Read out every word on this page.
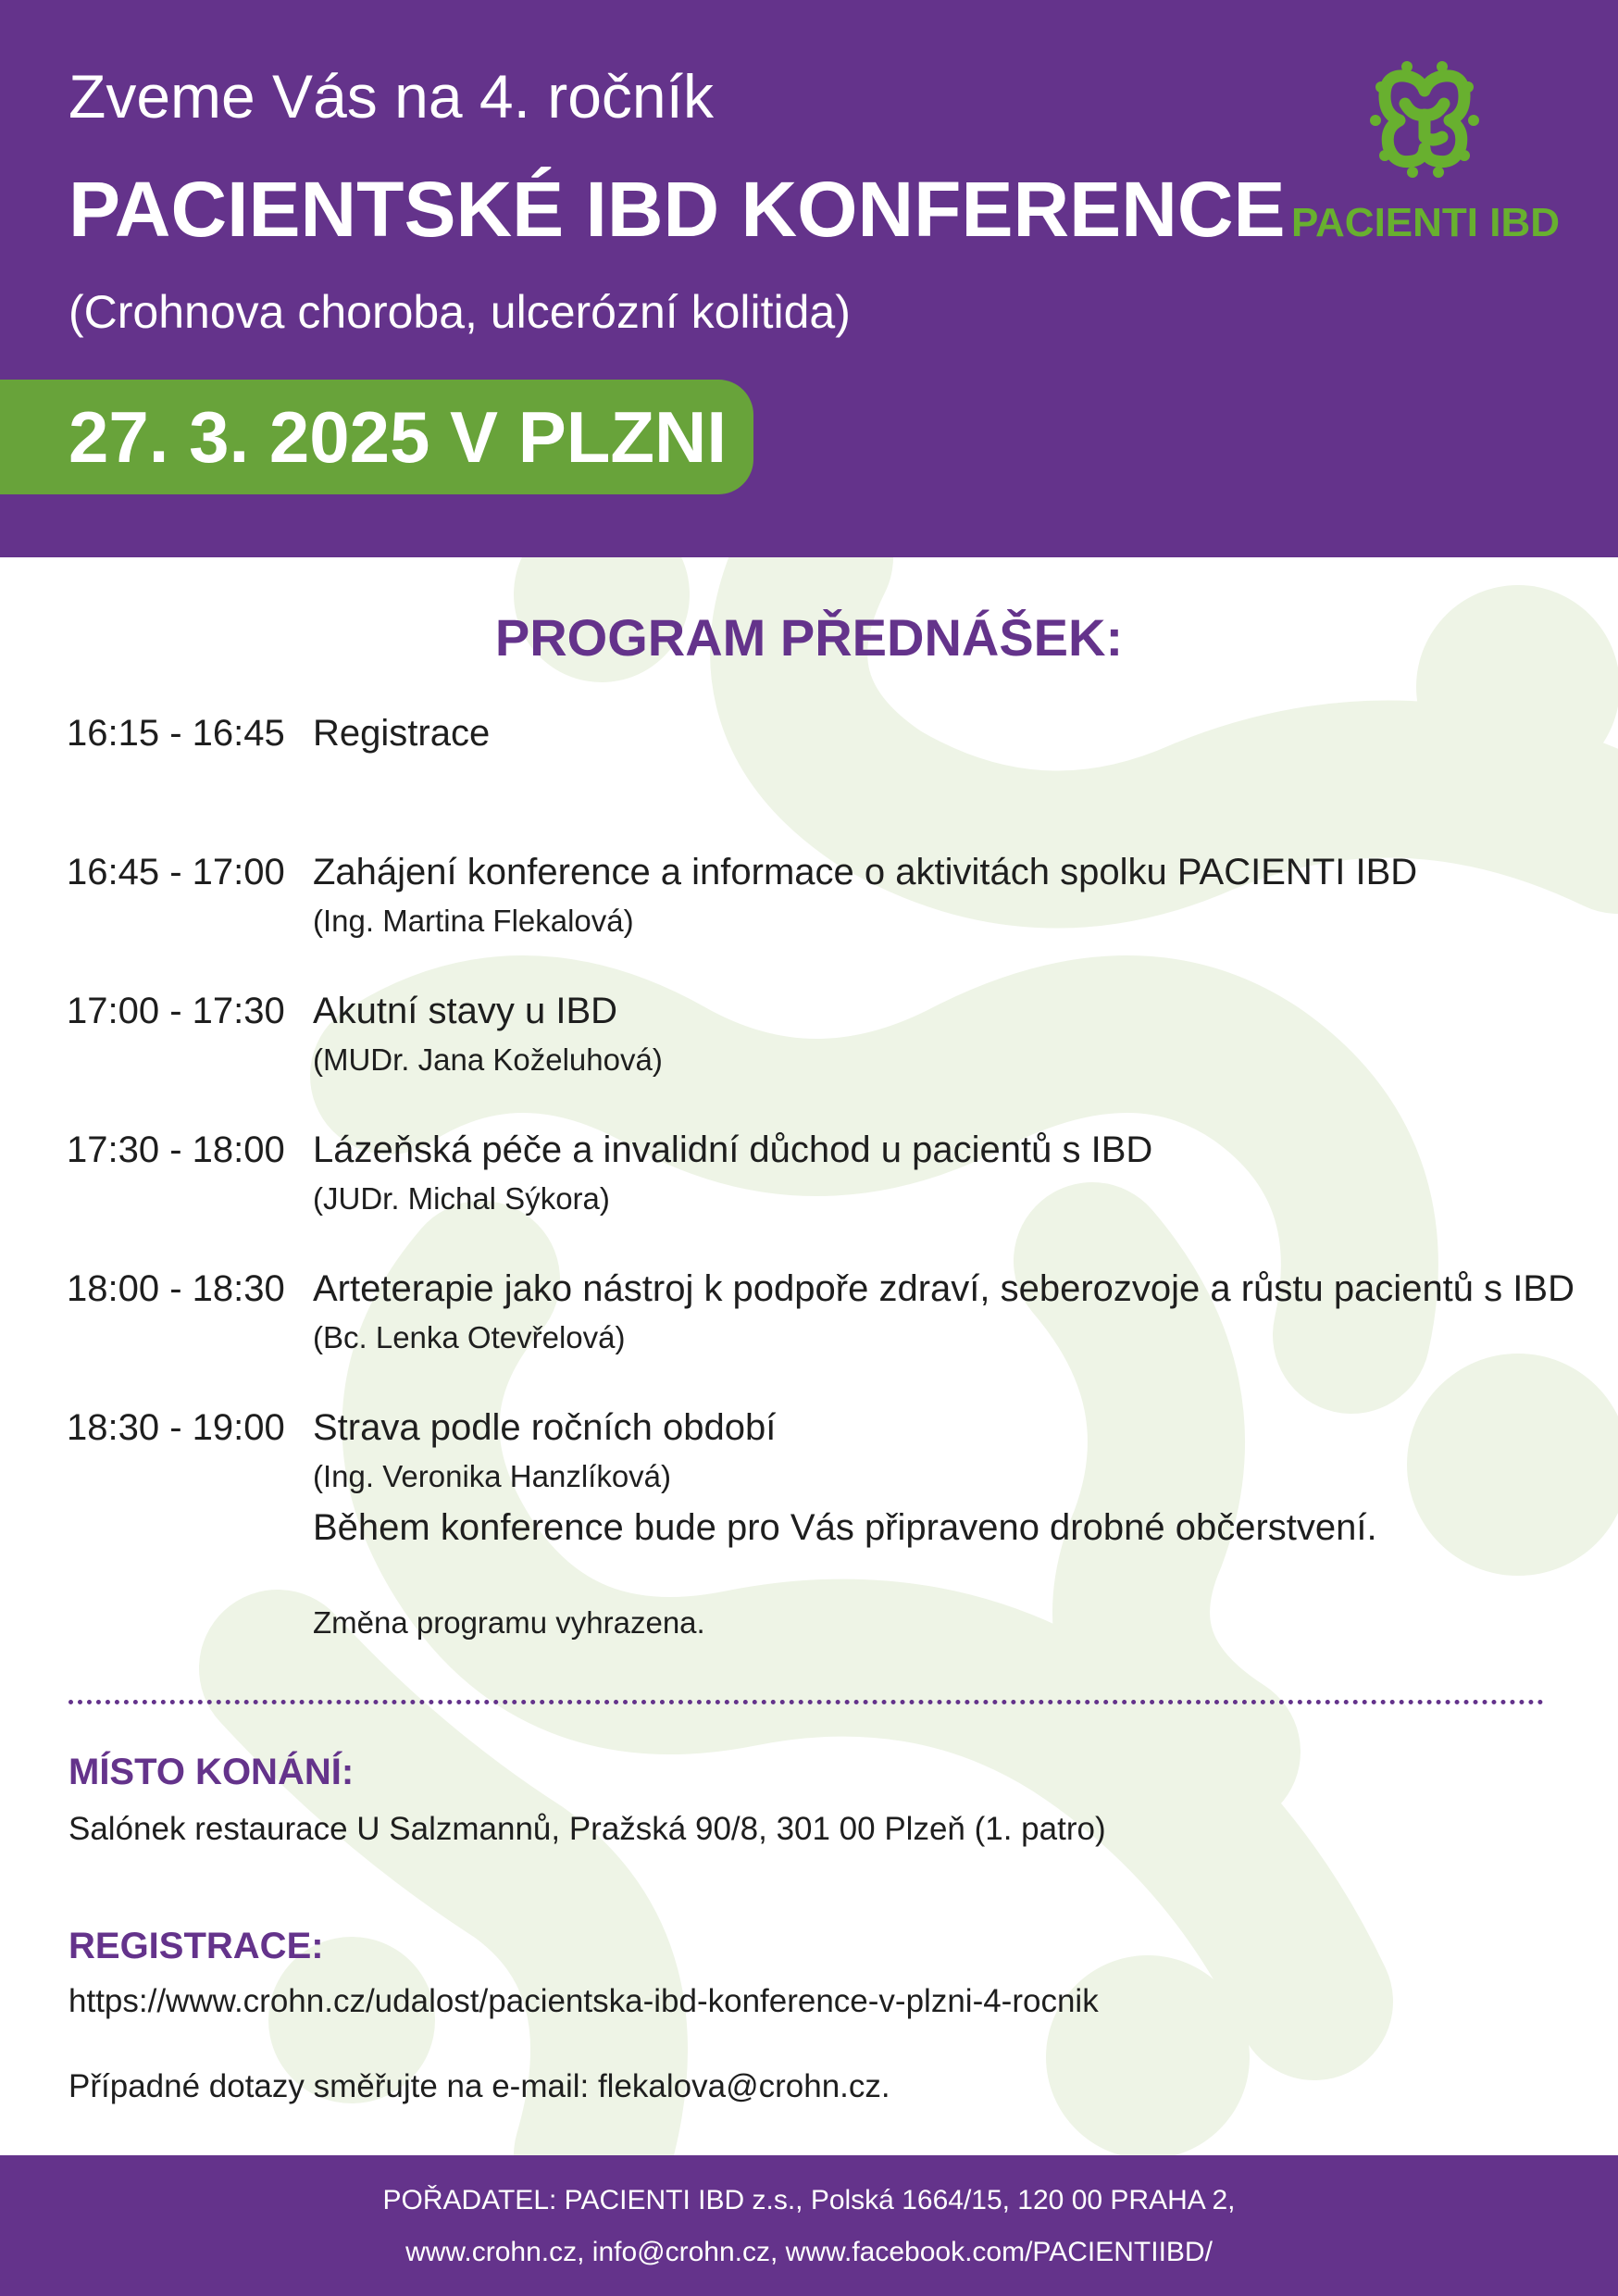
Zveme Vás na 4. ročník
PACIENTSKÉ IBD KONFERENCE
(Crohnova choroba, ulcerózní kolitida)
27. 3. 2025 V PLZNI
PACIENTI IBD
PROGRAM PŘEDNÁŠEK:
16:15 - 16:45 Registrace
16:45 - 17:00 Zahájení konference a informace o aktivitách spolku PACIENTI IBD
(Ing. Martina Flekalová)
17:00 - 17:30 Akutní stavy u IBD
(MUDr. Jana Koželuhová)
17:30 - 18:00 Lázeňská péče a invalidní důchod u pacientů s IBD
(JUDr. Michal Sýkora)
18:00 - 18:30 Arteterapie jako nástroj k podpoře zdraví, seberozvoje a růstu pacientů s IBD
(Bc. Lenka Otevřelová)
18:30 - 19:00 Strava podle ročních období
(Ing. Veronika Hanzlíková)
Během konference bude pro Vás připraveno drobné občerstvení.
Změna programu vyhrazena.
MÍSTO KONÁNÍ:
Salónek restaurace U Salzmannů, Pražská 90/8, 301 00 Plzeň (1. patro)
REGISTRACE:
https://www.crohn.cz/udalost/pacientska-ibd-konference-v-plzni-4-rocnik
Případné dotazy směřujte na e-mail: flekalova@crohn.cz.
POŘADATEL: PACIENTI IBD z.s., Polská 1664/15, 120 00 PRAHA 2,
www.crohn.cz, info@crohn.cz, www.facebook.com/PACIENTIIBD/
